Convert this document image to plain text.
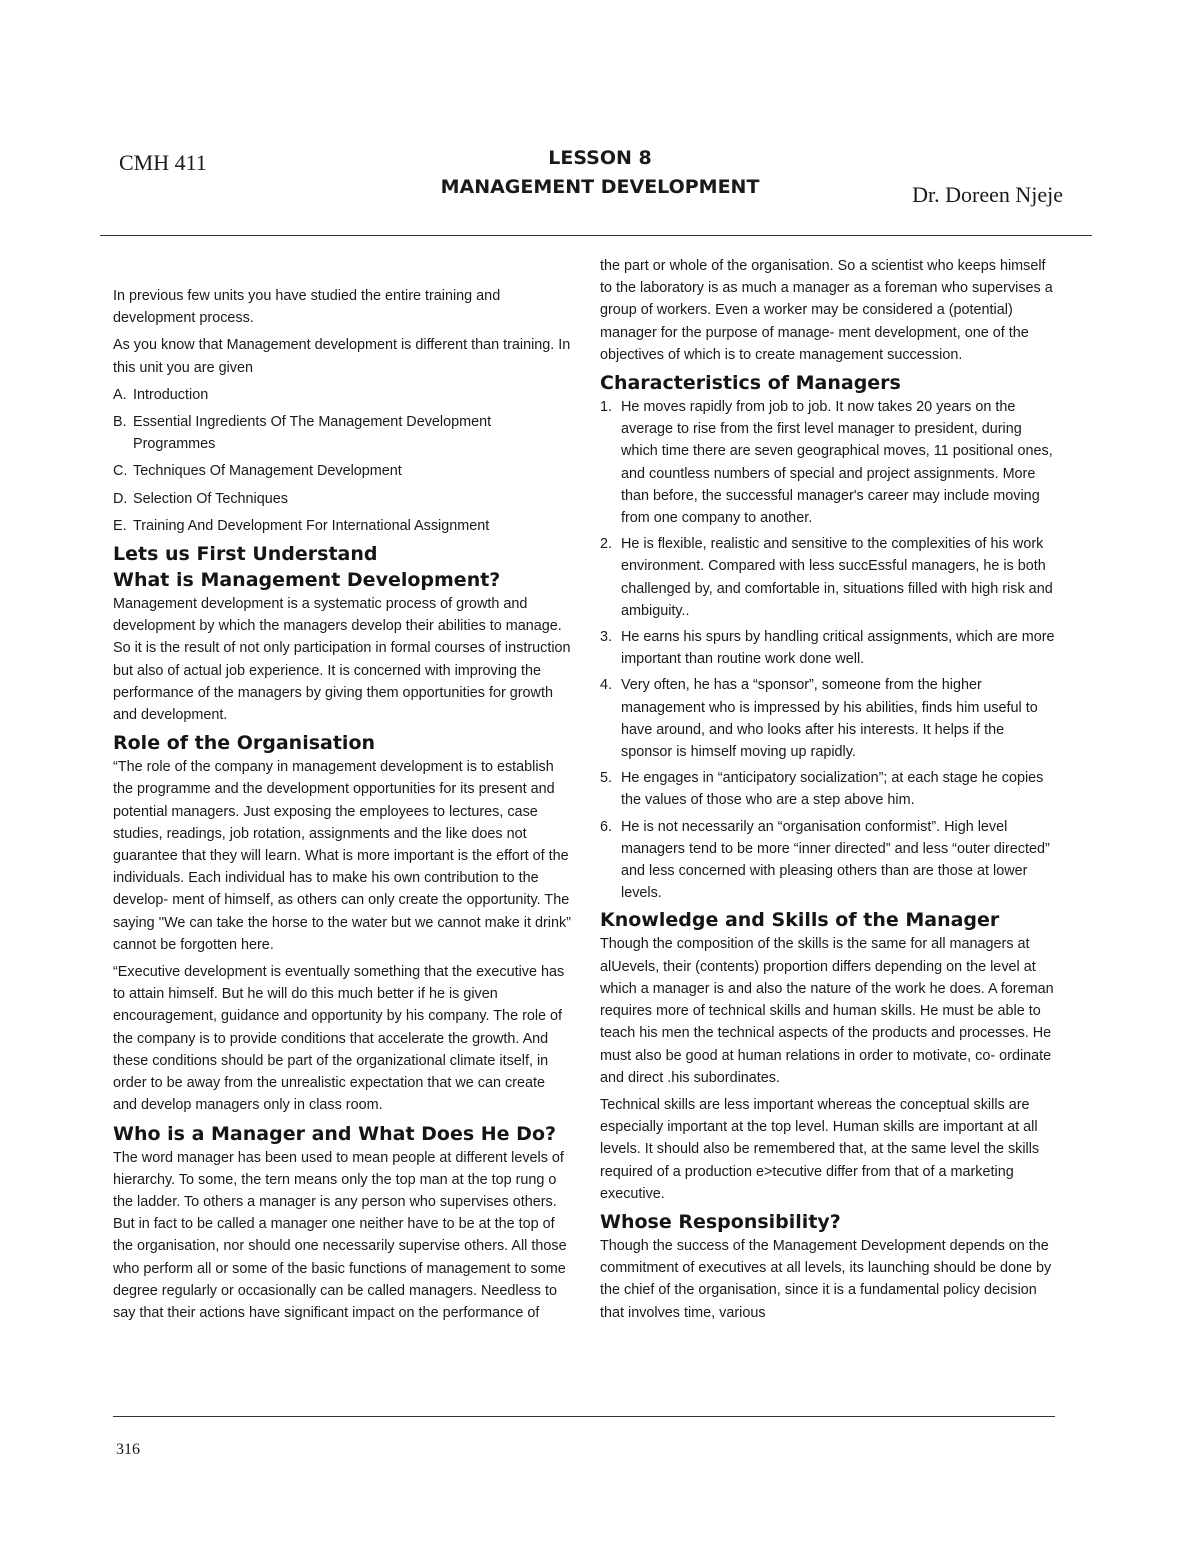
CMH 411	LESSON 8
MANAGEMENT DEVELOPMENT	Dr. Doreen Njeje

In previous few units you have studied the entire training and development process.

As you know that Management development is different than training. In this unit you are given

A. Introduction
B. Essential Ingredients Of The Management Development Programmes
C. Techniques Of Management Development
D. Selection Of Techniques
E. Training And Development For International Assignment
Lets us First Understand
What is Management Development?

Management development is a systematic process of growth and development by which the managers develop their abilities to manage. So it is the result of not only participation in formal courses of instruction but also of actual job experience. It is concerned with improving the performance of the managers by giving them opportunities for growth and development.

Role of the Organisation

“The role of the company in management development is to establish the programme and the development opportunities for its present and potential managers. Just exposing the employees to lectures, case studies, readings, job rotation, assignments and the like does not guarantee that they will learn. What is more important is the effort of the individuals. Each individual has to make his own contribution to the develop- ment of himself, as others can only create the opportunity. The saying ''We can take the horse to the water but we cannot make it drink” cannot be forgotten here.

“Executive development is eventually something that the executive has to attain himself. But he will do this much better if he is given encouragement, guidance and opportunity by his company. The role of the company is to provide conditions that accelerate the growth. And these conditions should be part of the organizational climate itself, in order to be away from the unrealistic expectation that we can create and develop managers only in class room.

Who is a Manager and What Does He Do?

The word manager has been used to mean people at different levels of hierarchy. To some, the tern means only the top man at the top rung o the ladder. To others a manager is any person who supervises others. But in fact to be called a manager one neither have to be at the top of the organisation, nor should one necessarily supervise others. All those who perform all or some of the basic functions of management to some degree regularly or occasionally can be called managers. Needless to say that their actions have significant impact on the performance of

the part or whole of the organisation. So a scientist who keeps himself to the laboratory is as much a manager as a foreman who supervises a group of workers. Even a worker may be considered a (potential) manager for the purpose of manage- ment development, one of the objectives of which is to create management succession.

Characteristics of Managers
1. He moves rapidly from job to job. It now takes 20 years on the average to rise from the first level manager to president, during which time there are seven geographical moves, 11 positional ones, and countless numbers of special and project assignments. More than before, the successful manager's career may include moving from one company to another.
2. He is flexible, realistic and sensitive to the complexities of his work environment. Compared with less succEssful managers, he is both challenged by, and comfortable in, situations filled with high risk and ambiguity..
3. He earns his spurs by handling critical assignments, which are more important than routine work done well.
4. Very often, he has a “sponsor”, someone from the higher management who is impressed by his abilities, finds him useful to have around, and who looks after his interests. It helps if the sponsor is himself moving up rapidly.
5. He engages in “anticipatory socialization”; at each stage he copies the values of those who are a step above him.
6. He is not necessarily an “organisation conformist”. High level managers tend to be more “inner directed” and less “outer directed” and less concerned with pleasing others than are those at lower levels.
Knowledge and Skills of the Manager

Though the composition of the skills is the same for all managers at alUevels, their (contents) proportion differs depending on the level at which a manager is and also the nature of the work he does. A foreman requires more of technical skills and human skills. He must be able to teach his men the technical aspects of the products and processes. He must also be good at human relations in order to motivate, co- ordinate and direct .his subordinates.

Technical skills are less important whereas the conceptual skills are especially important at the top level. Human skills are important at all levels. It should also be remembered that, at the same level the skills required of a production e>tecutive differ from that of a marketing executive.

Whose Responsibility?

Though the success of the Management Development depends on the commitment of executives at all levels, its launching should be done by the chief of the organisation, since it is a fundamental policy decision that involves time, various

316
